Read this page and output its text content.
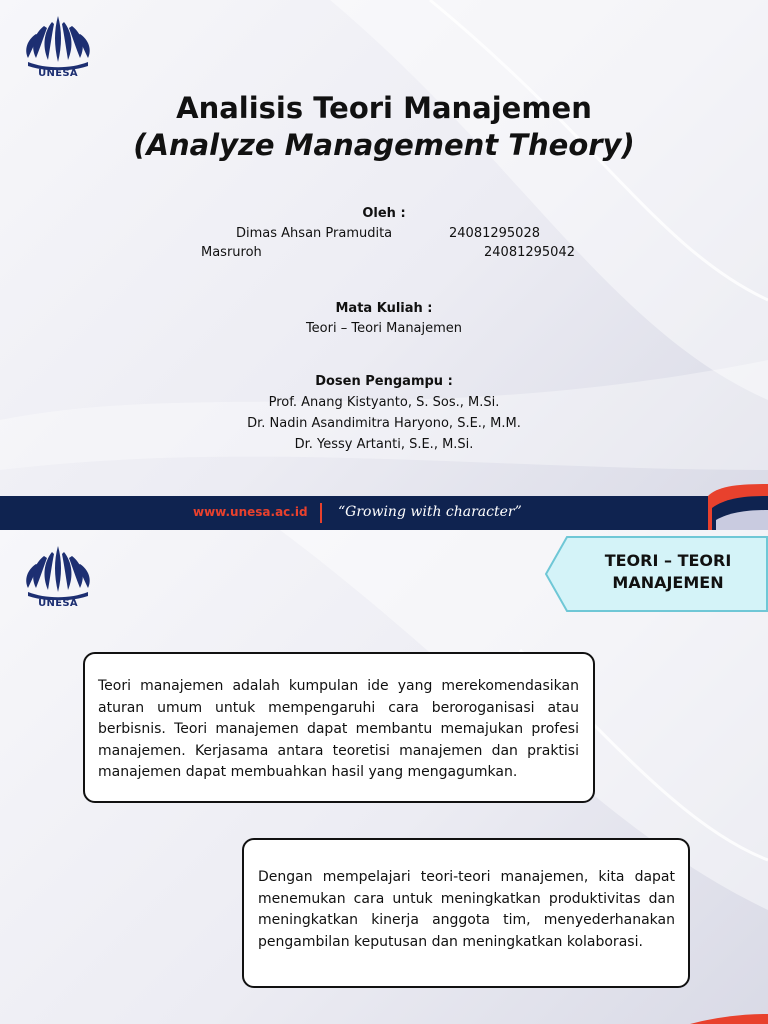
UNESA
Analisis Teori Manajemen
(Analyze Management Theory)
Oleh :
Dimas Ahsan Pramudita	24081295028
Masruroh	24081295042
Mata Kuliah :
Teori – Teori Manajemen
Dosen Pengampu :
Prof. Anang Kistyanto, S. Sos., M.Si.
Dr. Nadin Asandimitra Haryono, S.E., M.M.
Dr. Yessy Artanti, S.E., M.Si.
www.unesa.ac.id “Growing with character”
UNESA
TEORI – TEORI
MANAJEMEN
Teori manajemen adalah kumpulan ide yang merekomendasikan aturan umum untuk mempengaruhi cara beroroganisasi atau berbisnis. Teori manajemen dapat membantu memajukan profesi manajemen. Kerjasama antara teoretisi manajemen dan praktisi manajemen dapat membuahkan hasil yang mengagumkan.
Dengan mempelajari teori-teori manajemen, kita dapat menemukan cara untuk meningkatkan produktivitas dan meningkatkan kinerja anggota tim, menyederhanakan pengambilan keputusan dan meningkatkan kolaborasi.
